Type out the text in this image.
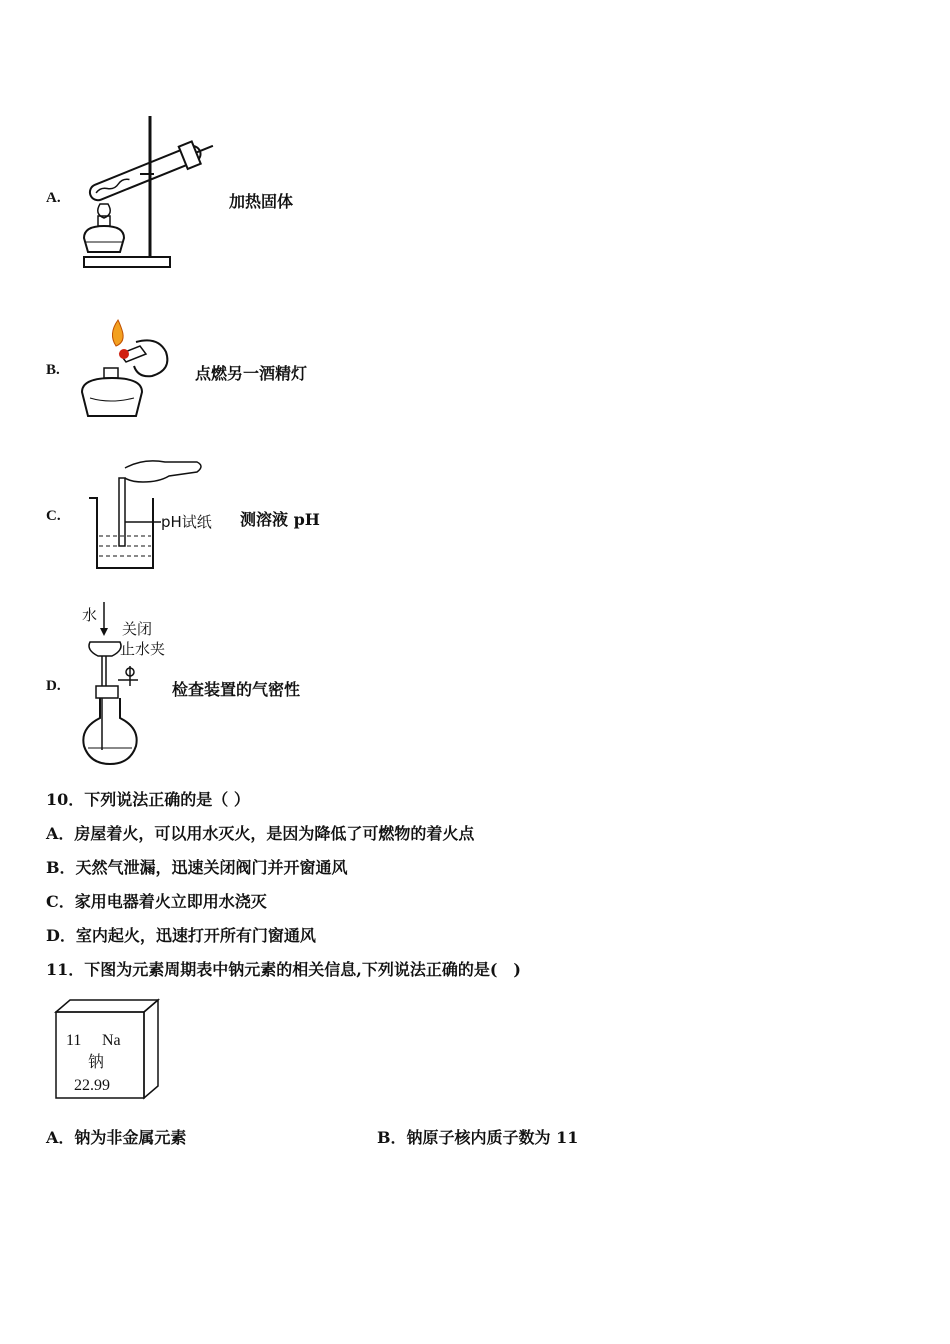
A.	加热固体
B.	点燃另一酒精灯
C.	pH试纸 测溶液 pH
D.
水
关闭
止水夹
检查装置的气密性
10．下列说法正确的是（ ）
A．房屋着火，可以用水灭火，是因为降低了可燃物的着火点
B．天然气泄漏，迅速关闭阀门并开窗通风
C．家用电器着火立即用水浇灭
D．室内起火，迅速打开所有门窗通风
11．下图为元素周期表中钠元素的相关信息,下列说法正确的是(　)
11 Na
钠
22.99
A．钠为非金属元素	B．钠原子核内质子数为 11
